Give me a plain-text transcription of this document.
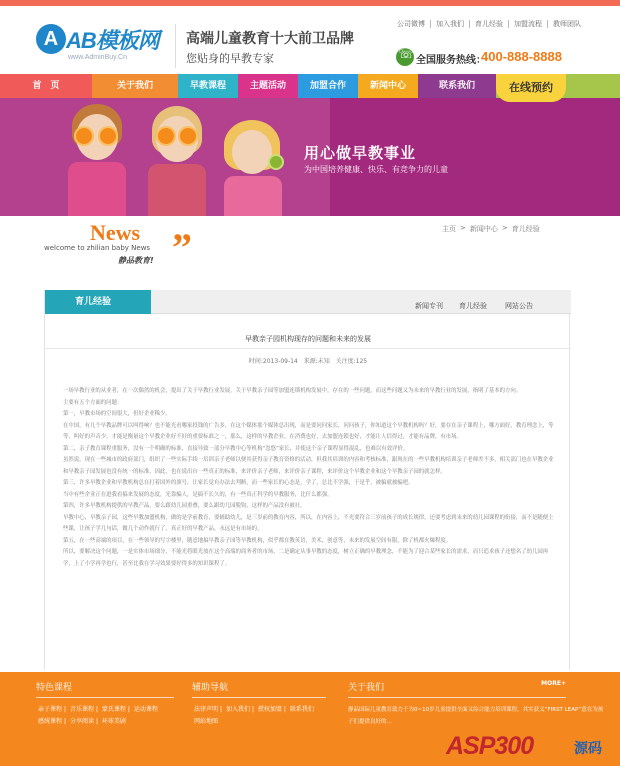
A AB模板网
www.AdminBuy.Cn
高端儿童教育十大前卫品牌
您贴身的早教专家
公司微博	加入我们	育儿经验	加盟流程	教师团队
☏
全国服务热线：
400-888-8888
首　页	关于我们	早教课程	主题活动	加盟合作	新闻中心	联系我们	在线预约
用心做早教事业
为中国培养健康、快乐、有竞争力的儿童
News
welcome to zhilian baby News
静品教育! ”	主页 > 新闻中心 > 育儿经验
育儿经验	新闻专刊 育儿经验	网站公告
早教亲子园机构现存的问题和未来的发展
时间:2013-09-14 来源:未知 关注度:125

一场早教行业的从业者，在一次偶然的机会，提出了关于早教行业发展，关于早教亲子园等加盟连锁机构发展中，存在的一些问题，而这些问题又为未来的早教行业的发展，指明了基本的方向。

主要有五个方面的问题：

第一，早教市场的空间很大，但好企业稀少。

在中国，有几个早教品牌可以叫得响？也不能光看哪家投钱的广告多，在这个媒体那个媒体总出现，而是要问问家长，问问孩子，你知道这个早教机构吗？好，要存在亲子课程上，哪方面好，教育理念上，等等，叫好的声音少，才能是衡量这个早教企业好不好的重要标准之一，那么，这样的早教企业，在消费也好，去加盟连锁也好，才能让人信得过，才能有品牌，有市场。

第二，亲子教育课程重服务，没有一个明确的标准，直接导致一部分早教中心等机构“忽悠”家长，并使这个亲子课程显得混乱，也难以有效评价。

虽然说，现在一些城市的政府部门，组织了一些实际手续一培训亲子老师以便其获得亲子教育资格的活动，但我其培训的内容和考核标准，跟现在的一些早教机构培训亲子老师差不多，相关部门也在早教企业和早教亲子园发展也没有统一的标准，因此，也在说出台一些真正的标准，来评价亲子老师，来评价亲子课程，来评价这个早教企业和这个早教亲子园的就怎样。

第三，许多早教企业和早教机构总在打着国外的旗号，让家长觉有办法去判断，而一些家长的心态是，学了，总比不学强，于是乎，被骗就被骗吧。

当中有些企业正在进我看搞来发展的态度，光靠骗人，是搞不长久的，有一些真正科学的早教服务，比什么都强。

第四，许多早教机构提供的早教产品，要么跟幼儿园重叠，要么跟幼儿园脱钩，这样的产品没有被社。

早教中心，早教亲子园，这些早教加盟机构，做的是学前教育，要辅助幼儿，是三岁前的教育内容，所以，在内容上，不光要符合三岁前孩子的成长规律，还要考虑到未来的幼儿园课程的衔接，而不是随便上些课，让孩子学几句话，做几个动作就行了，真正好的早教产品，永远是有市场的。

第五，在一些高端的项目，在一些领导的写字楼里，随意地搞早教亲子园等早教机构，似乎都在教英语，美术，创意等，未来的发展空间有限，除了机都火爆程度。

所以，要解决这个问题，一是实体市场细分，不能光将眼光放在这个高端的商务者的市场，二是确定从事早教的态度，树立正确的早教理念，不能为了迎合某些家长的需求，而只追求孩子还想名了幼儿园再学，上了小学再学也行，甚至比我在学习效果要好得多的知识课程了。

特色课程
亲子课程 | 音乐课程 | 蒙氏课程 | 运动课程
感统课程 | 分享阅读 | 环球美剧
辅助导航
法律声明 | 加入我们 | 授权加盟 | 联系我们
网站地图
关于我们	MORE+
静品国际儿童教育致力于为0~10岁儿童提供全面又综合能力培训课程，其实获义“FIRST LEAP”意在为孩子们提供良好的…
ASP300	源码
